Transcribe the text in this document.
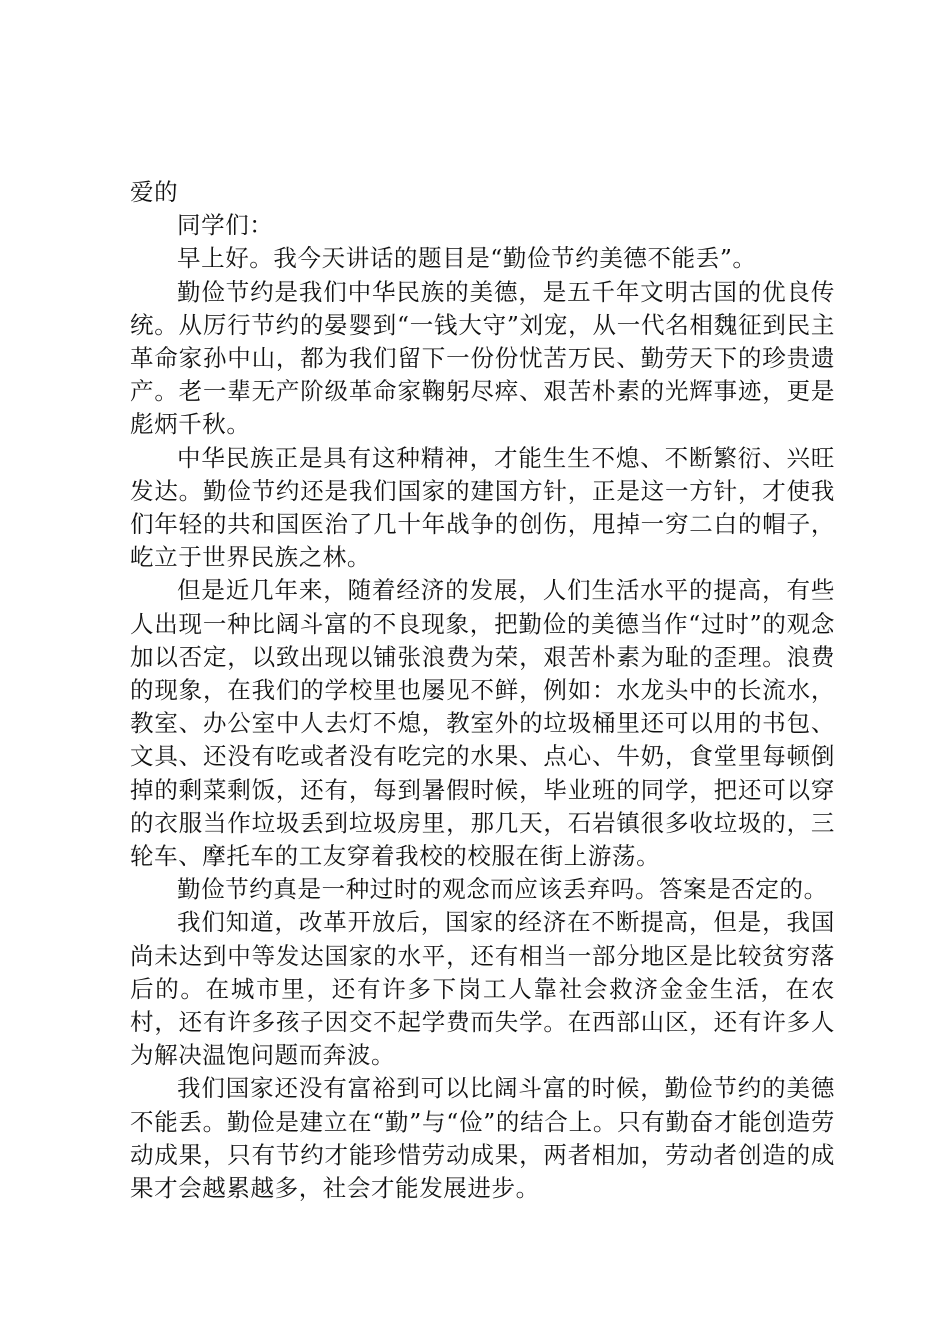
爱的

同学们：

早上好。我今天讲话的题目是“勤俭节约美德不能丢”。

勤俭节约是我们中华民族的美德，是五千年文明古国的优良传统。从厉行节约的晏婴到“一钱大守”刘宠，从一代名相魏征到民主革命家孙中山，都为我们留下一份份忧苦万民、勤劳天下的珍贵遗产。老一辈无产阶级革命家鞠躬尽瘁、艰苦朴素的光辉事迹，更是彪炳千秋。

中华民族正是具有这种精神，才能生生不熄、不断繁衍、兴旺发达。勤俭节约还是我们国家的建国方针，正是这一方针，才使我们年轻的共和国医治了几十年战争的创伤，甩掉一穷二白的帽子，屹立于世界民族之林。

但是近几年来，随着经济的发展，人们生活水平的提高，有些人出现一种比阔斗富的不良现象，把勤俭的美德当作“过时”的观念加以否定，以致出现以铺张浪费为荣，艰苦朴素为耻的歪理。浪费的现象，在我们的学校里也屡见不鲜，例如：水龙头中的长流水，教室、办公室中人去灯不熄，教室外的垃圾桶里还可以用的书包、文具、还没有吃或者没有吃完的水果、点心、牛奶，食堂里每顿倒掉的剩菜剩饭，还有，每到暑假时候，毕业班的同学，把还可以穿的衣服当作垃圾丢到垃圾房里，那几天，石岩镇很多收垃圾的，三轮车、摩托车的工友穿着我校的校服在街上游荡。

勤俭节约真是一种过时的观念而应该丢弃吗。答案是否定的。

我们知道，改革开放后，国家的经济在不断提高，但是，我国尚未达到中等发达国家的水平，还有相当一部分地区是比较贫穷落后的。在城市里，还有许多下岗工人靠社会救济金金生活，在农村，还有许多孩子因交不起学费而失学。在西部山区，还有许多人为解决温饱问题而奔波。

我们国家还没有富裕到可以比阔斗富的时候，勤俭节约的美德不能丢。勤俭是建立在“勤”与“俭”的结合上。只有勤奋才能创造劳动成果，只有节约才能珍惜劳动成果，两者相加，劳动者创造的成果才会越累越多，社会才能发展进步。
